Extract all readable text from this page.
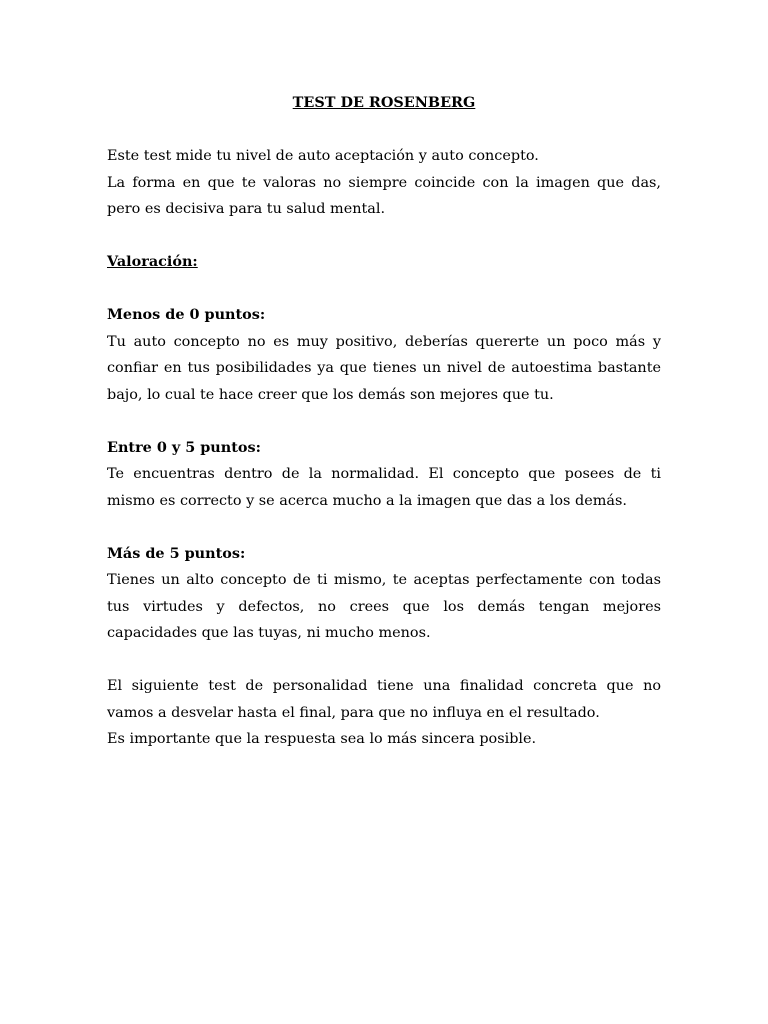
TEST DE ROSENBERG

Este test mide tu nivel de auto aceptación y auto concepto.
La forma en que te valoras no siempre coincide con la imagen que das,
pero es decisiva para tu salud mental.

Valoración:

Menos de 0 puntos:

Tu auto concepto no es muy positivo, deberías quererte un poco más y
confiar en tus posibilidades ya que tienes un nivel de autoestima bastante
bajo, lo cual te hace creer que los demás son mejores que tu.

Entre 0 y 5 puntos:

Te encuentras dentro de la normalidad. El concepto que posees de ti
mismo es correcto y se acerca mucho a la imagen que das a los demás.

Más de 5 puntos:

Tienes un alto concepto de ti mismo, te aceptas perfectamente con todas
tus virtudes y defectos, no crees que los demás tengan mejores
capacidades que las tuyas, ni mucho menos.
El siguiente test de personalidad tiene una finalidad concreta que no
vamos a desvelar hasta el final, para que no influya en el resultado.
Es importante que la respuesta sea lo más sincera posible.
